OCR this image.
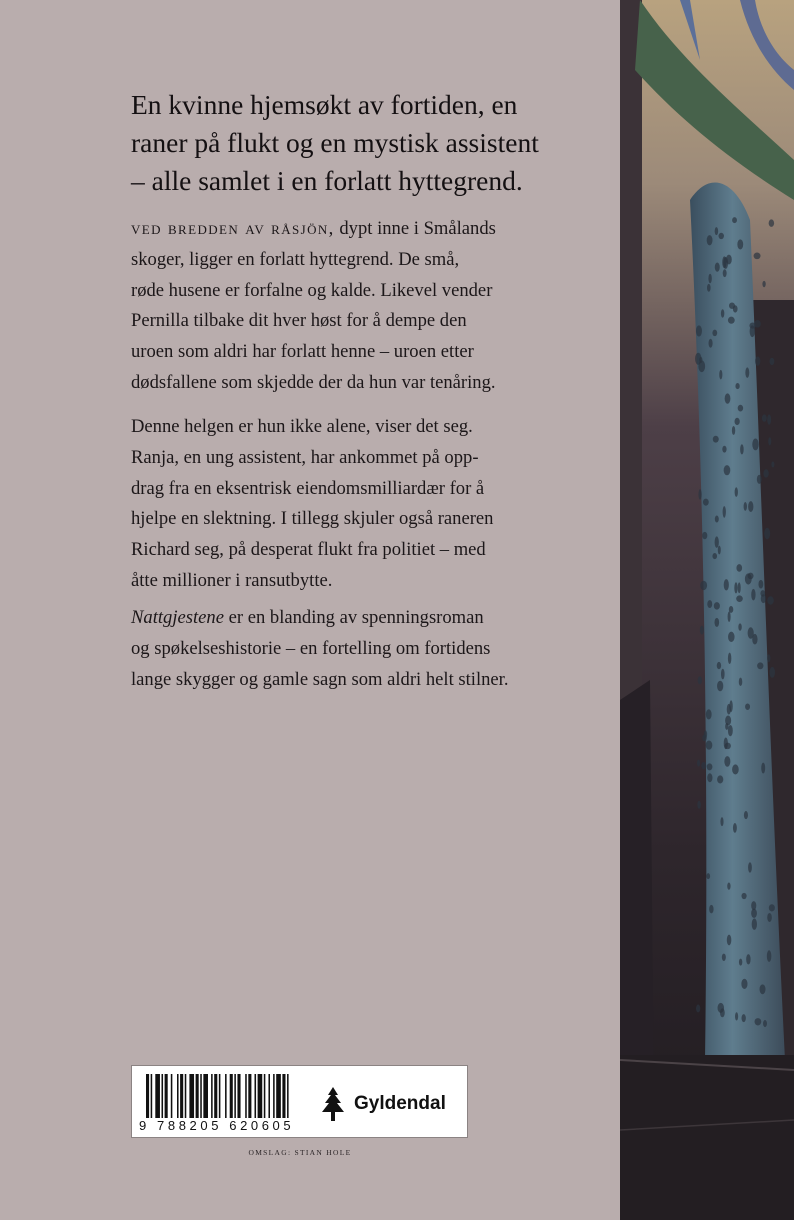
En kvinne hjemsøkt av fortiden, en
raner på flukt og en mystisk assistent
– alle samlet i en forlatt hyttegrend.
ved bredden av råsjön, dypt inne i Smålands
skoger, ligger en forlatt hyttegrend. De små,
røde husene er forfalne og kalde. Likevel vender
Pernilla tilbake dit hver høst for å dempe den
uroen som aldri har forlatt henne – uroen etter
dødsfallene som skjedde der da hun var tenåring.
Denne helgen er hun ikke alene, viser det seg.
Ranja, en ung assistent, har ankommet på opp-
drag fra en eksentrisk eiendomsmilliardær for å
hjelpe en slektning. I tillegg skjuler også raneren
Richard seg, på desperat flukt fra politiet – med
åtte millioner i ransutbytte.
Nattgjestene er en blanding av spenningsroman
og spøkelseshistorie – en fortelling om fortidens
lange skygger og gamle sagn som aldri helt stilner.
9 788205 620605
Gyldendal
OMSLAG: STIAN HOLE
